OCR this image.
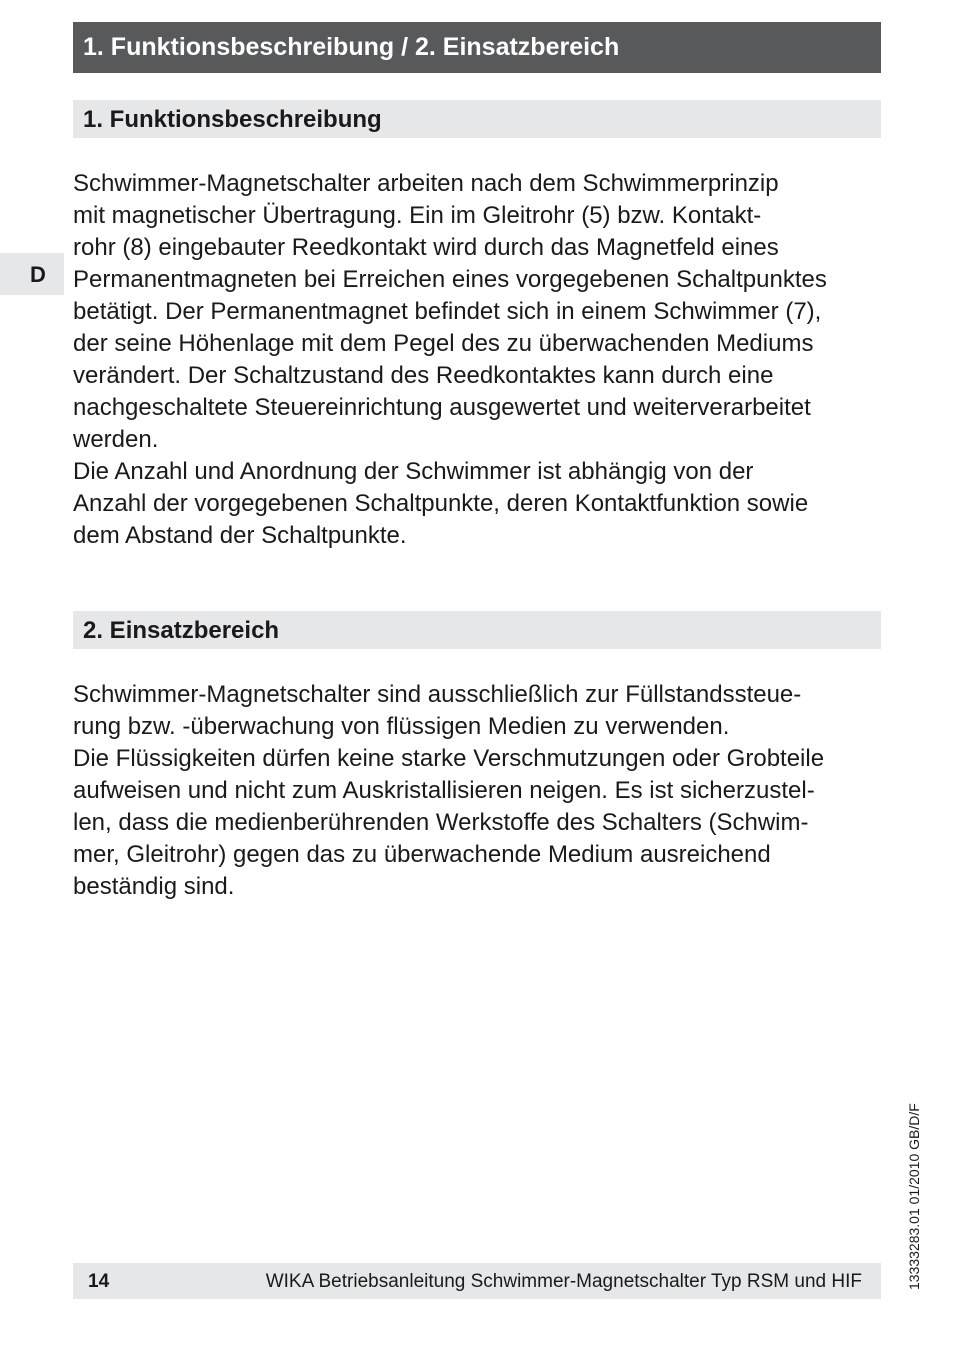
1. Funktionsbeschreibung / 2. Einsatzbereich
D
1. Funktionsbeschreibung
Schwimmer-Magnetschalter arbeiten nach dem Schwimmerprinzip
mit magnetischer Übertragung. Ein im Gleitrohr (5) bzw. Kontakt-
rohr (8) eingebauter Reedkontakt wird durch das Magnetfeld eines
Permanentmagneten bei Erreichen eines vorgegebenen Schaltpunktes
betätigt. Der Permanentmagnet befindet sich in einem Schwimmer (7),
der seine Höhenlage mit dem Pegel des zu überwachenden Mediums
verändert. Der Schaltzustand des Reedkontaktes kann durch eine
nachgeschaltete Steuereinrichtung ausgewertet und weiterverarbeitet
werden.
Die Anzahl und Anordnung der Schwimmer ist abhängig von der
Anzahl der vorgegebenen Schaltpunkte, deren Kontaktfunktion sowie
dem Abstand der Schaltpunkte.
2. Einsatzbereich
Schwimmer-Magnetschalter sind ausschließlich zur Füllstandssteue-
rung bzw. -überwachung von flüssigen Medien zu verwenden.
Die Flüssigkeiten dürfen keine starke Verschmutzungen oder Grobteile
aufweisen und nicht zum Auskristallisieren neigen. Es ist sicherzustel-
len, dass die medienberührenden Werkstoffe des Schalters (Schwim-
mer, Gleitrohr) gegen das zu überwachende Medium ausreichend
beständig sind.
13333283.01 01/2010 GB/D/F
14	WIKA Betriebsanleitung Schwimmer-Magnetschalter Typ RSM und HIF
